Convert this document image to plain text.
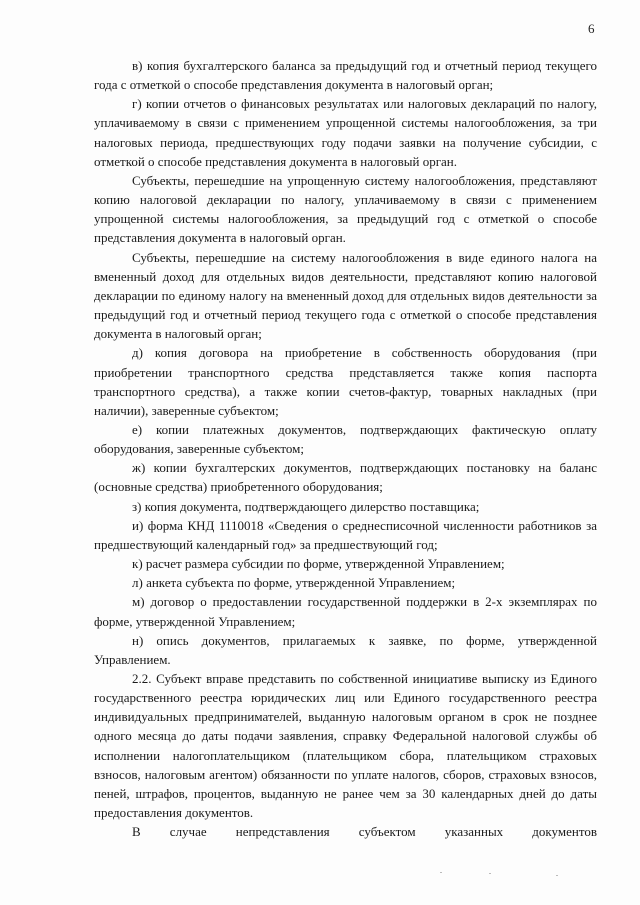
6

в) копия бухгалтерского баланса за предыдущий год и отчетный период текущего года с отметкой о способе представления документа в налоговый орган;

г) копии отчетов о финансовых результатах или налоговых деклараций по налогу, уплачиваемому в связи с применением упрощенной системы налогообложения, за три налоговых периода, предшествующих году подачи заявки на получение субсидии, с отметкой о способе представления документа в налоговый орган.

Субъекты, перешедшие на упрощенную систему налогообложения, представляют копию налоговой декларации по налогу, уплачиваемому в связи с применением упрощенной системы налогообложения, за предыдущий год с отметкой о способе представления документа в налоговый орган.

Субъекты, перешедшие на систему налогообложения в виде единого налога на вмененный доход для отдельных видов деятельности, представляют копию налоговой декларации по единому налогу на вмененный доход для отдельных видов деятельности за предыдущий год и отчетный период текущего года с отметкой о способе представления документа в налоговый орган;

д) копия договора на приобретение в собственность оборудования (при приобретении транспортного средства представляется также копия паспорта транспортного средства), а также копии счетов-фактур, товарных накладных (при наличии), заверенные субъектом;

е) копии платежных документов, подтверждающих фактическую оплату оборудования, заверенные субъектом;

ж) копии бухгалтерских документов, подтверждающих постановку на баланс (основные средства) приобретенного оборудования;

з) копия документа, подтверждающего дилерство поставщика;

и) форма КНД 1110018 «Сведения о среднесписочной численности работников за предшествующий календарный год» за предшествующий год;

к) расчет размера субсидии по форме, утвержденной Управлением;

л) анкета субъекта по форме, утвержденной Управлением;

м) договор о предоставлении государственной поддержки в 2-х экземплярах по форме, утвержденной Управлением;

н) опись документов, прилагаемых к заявке, по форме, утвержденной Управлением.

2.2. Субъект вправе представить по собственной инициативе выписку из Единого государственного реестра юридических лиц или Единого государственного реестра индивидуальных предпринимателей, выданную налоговым органом в срок не позднее одного месяца до даты подачи заявления, справку Федеральной налоговой службы об исполнении налогоплательщиком (плательщиком сбора, плательщиком страховых взносов, налоговым агентом) обязанности по уплате налогов, сборов, страховых взносов, пеней, штрафов, процентов, выданную не ранее чем за 30 календарных дней до даты предоставления документов.

В случае непредставления субъектом указанных документов
